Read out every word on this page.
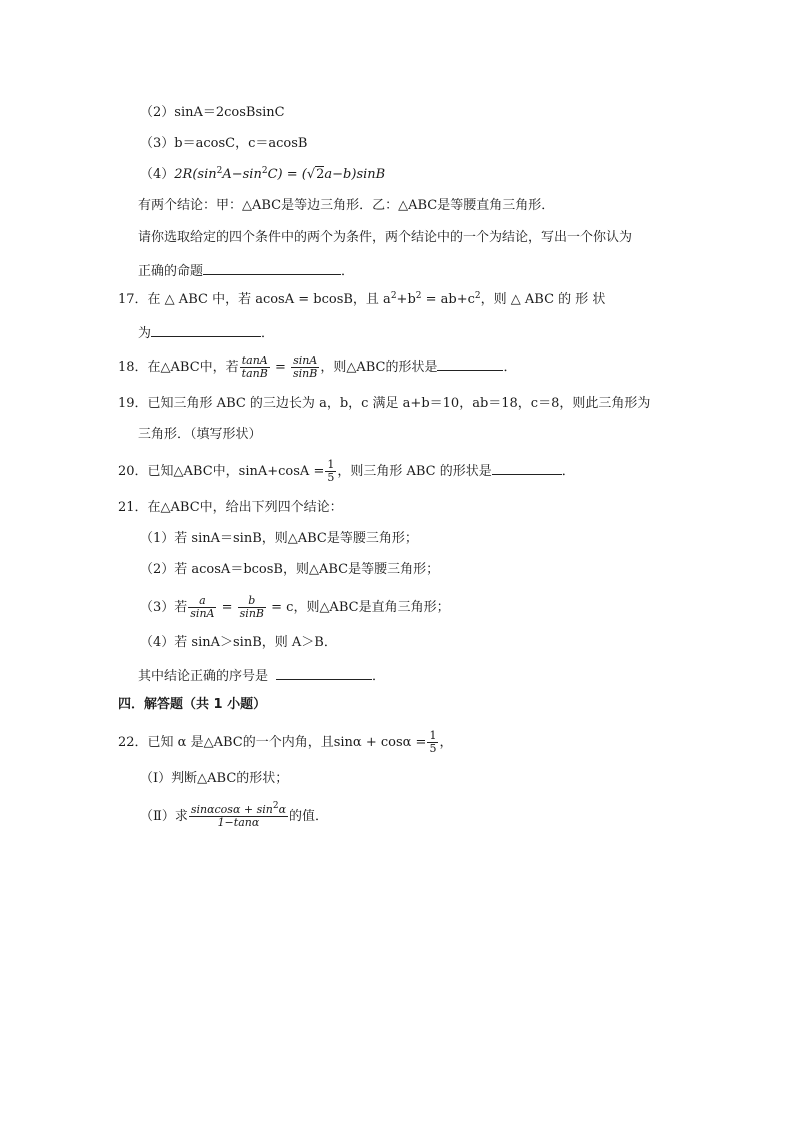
（2）sinA＝2cosBsinC
（3）b＝acosC，c＝acosB
$(4)2R(\sin^2A-\sin^2C) = (√2a-b)\sin B$
有两个结论：甲：△ABC是等边三角形．乙：△ABC是等腰直角三角形．
请你选取给定的四个条件中的两个为条件，两个结论中的一个为结论，写出一个你认为
正确的命题	．
17．在 △ ABC 中，若 acosA = bcosB，且 $a^2+b^2 = ab+c^2$，则 △ ABC 的 形 状
为	．
18．在△ABC中，若 $\frac{\tan A}{\tan B} = \frac{\sin A}{\sin B}$ ，则△ABC的形状是	．
19．已知三角形 ABC 的三边长为 a，b，c 满足 a+b＝10，ab＝18，c＝8，则此三角形为
三角形．（填写形状）
20．已知△ABC中，$\sin A+\cos A = \frac{1}{5}$ ，则三角形 ABC 的形状是	．
21．在△ABC中，给出下列四个结论：
（1）若 sinA＝sinB，则△ABC是等腰三角形；
（2）若 acosA＝bcosB，则△ABC是等腰三角形；
（3）若 $\frac{a}{\sin A} = \frac{b}{\sin B} = c$，则△ABC是直角三角形；
（4）若 sinA＞sinB，则 A＞B．
其中结论正确的序号是	．
四．解答题（共 1 小题）
22．已知 α 是△ABC的一个内角，且$\sin\alpha + \cos\alpha = \frac{1}{5}$ ，
（Ⅰ）判断△ABC的形状；
（Ⅱ）求 $\frac{\sin\alpha\cos\alpha + \sin^2\alpha}{1-\tan\alpha}$ 的值．
